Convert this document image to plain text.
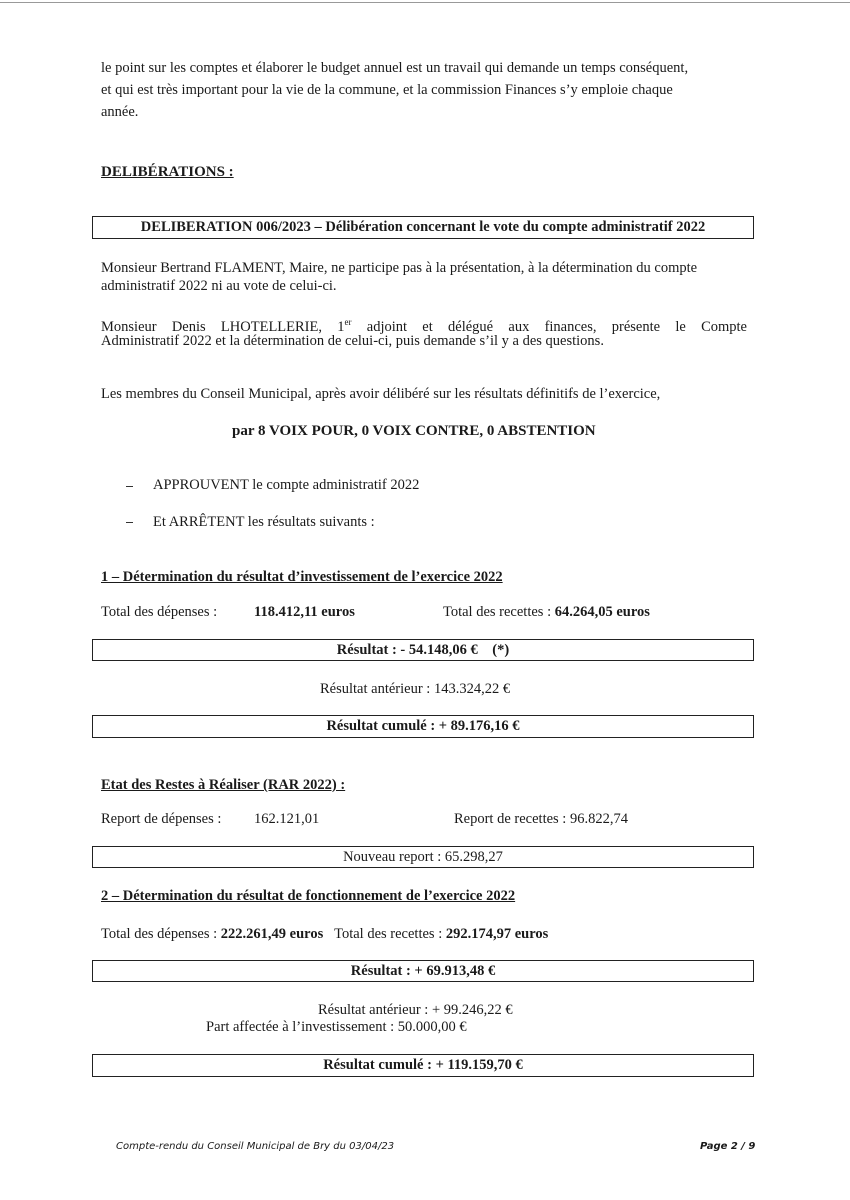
le point sur les comptes et élaborer le budget annuel est un travail qui demande un temps conséquent,
et qui est très important pour la vie de la commune, et la commission Finances s’y emploie chaque
année.
DELIBÉRATIONS :
DELIBERATION 006/2023 – Délibération concernant le vote du compte administratif 2022
Monsieur Bertrand FLAMENT, Maire, ne participe pas à la présentation, à la détermination du compte
administratif 2022 ni au vote de celui-ci.
Monsieur Denis LHOTELLERIE, 1er adjoint et délégué aux finances, présente le Compte
Administratif 2022 et la détermination de celui-ci, puis demande s’il y a des questions.
Les membres du Conseil Municipal, après avoir délibéré sur les résultats définitifs de l’exercice,
par 8 VOIX POUR, 0 VOIX CONTRE, 0 ABSTENTION
APPROUVENT le compte administratif 2022
Et ARRÊTENT les résultats suivants :
1 – Détermination du résultat d’investissement de l’exercice 2022
Total des dépenses :	118.412,11 euros	Total des recettes : 64.264,05 euros
Résultat : - 54.148,06 € (*)
Résultat antérieur : 143.324,22 €
Résultat cumulé : + 89.176,16 €
Etat des Restes à Réaliser (RAR 2022) :
Report de dépenses : 162.121,01	Report de recettes : 96.822,74
Nouveau report : 65.298,27
2 – Détermination du résultat de fonctionnement de l’exercice 2022
Total des dépenses : 222.261,49 euros Total des recettes : 292.174,97 euros
Résultat : + 69.913,48 €
Résultat antérieur : + 99.246,22 €
Part affectée à l’investissement : 50.000,00 €
Résultat cumulé : + 119.159,70 €
Compte-rendu du Conseil Municipal de Bry du 03/04/23	Page 2 / 9
